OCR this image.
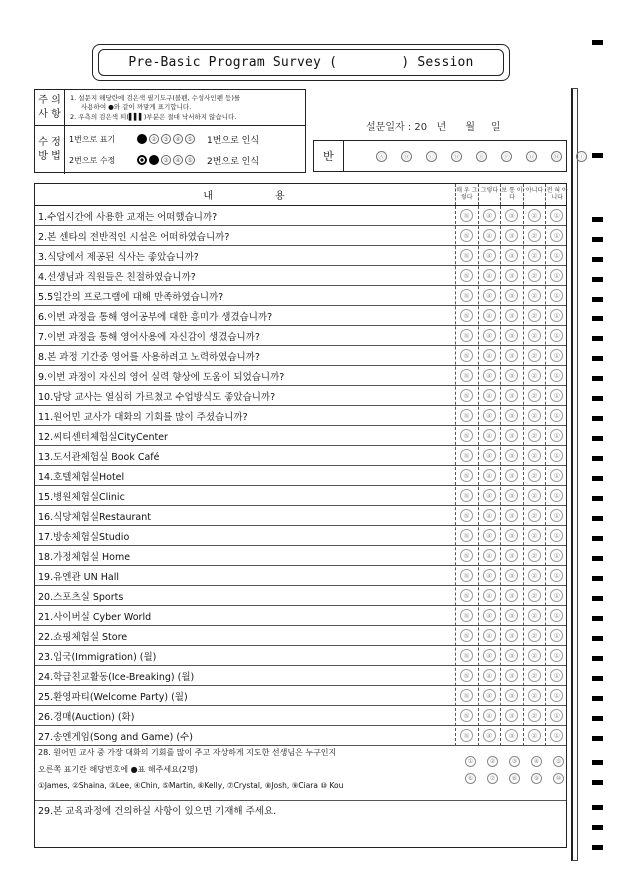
Pre-Basic Program Survey (
	) Session
주 의
사 항
1. 설문지 해당란에 검은색 필기도구(볼펜, 수성사인펜 등)를
사용하여 ●와 같이 까맣게 표기합니다.
2. 우측의 검은색 띠(▌▌▌)부분은 절대 낙서하지 않습니다.
수 정
방 법
1번으로 표기	②	③	④	⑤ 1번으로 인식
2번으로 수정	③	④	⑤ 2번으로 인식
설문일자 : 20   년      월     일
반	Ⓐ	Ⓑ	Ⓒ	Ⓓ	Ⓔ	Ⓕ	Ⓖ	Ⓗ	Ⓘ
내	용
매 우 그렇다
그렇다 보 통 이 다
아니다 전 혀 아니다
1.수업시간에 사용한 교재는 어떠했습니까?	⑤	④	③	②	①
2.본 센타의 전반적인 시설은 어떠하였습니까?	⑤	④	③	②	①
3.식당에서 제공된 식사는 좋았습니까?	⑤	④	③	②	①
4.선생님과 직원들은 친절하였습니까?	⑤	④	③	②	①
5.5일간의 프로그램에 대해 만족하였습니까?	⑤	④	③	②	①
6.이번 과정을 통해 영어공부에 대한 흥미가 생겼습니까?	⑤	④	③	②	①
7.이번 과정을 통해 영어사용에 자신감이 생겼습니까?	⑤	④	③	②	①
8.본 과정 기간중 영어를 사용하려고 노력하였습니까?	⑤	④	③	②	①
9.이번 과정이 자신의 영어 실력 향상에 도움이 되었습니까?	⑤	④	③	②	①
10.담당 교사는 열심히 가르쳤고 수업방식도 좋았습니까?	⑤	④	③	②	①
11.원어민 교사가 대화의 기회를 많이 주셨습니까?	⑤	④	③	②	①
12.씨티센터체험실CityCenter	⑤	④	③	②	①
13.도서관체험실 Book Café	⑤	④	③	②	①
14.호텔체험실Hotel	⑤	④	③	②	①
15.병원체험실Clinic	⑤	④	③	②	①
16.식당체험실Restaurant	⑤	④	③	②	①
17.방송체험실Studio	⑤	④	③	②	①
18.가정체험실 Home	⑤	④	③	②	①
19.유엔관 UN Hall	⑤	④	③	②	①
20.스포츠실 Sports	⑤	④	③	②	①
21.사이버실 Cyber World	⑤	④	③	②	①
22.쇼핑체험실 Store	⑤	④	③	②	①
23.입국(Immigration) (월)	⑤	④	③	②	①
24.학급친교활동(Ice-Breaking) (월)	⑤	④	③	②	①
25.환영파티(Welcome Party) (월)	⑤	④	③	②	①
26.경매(Auction) (화)	⑤	④	③	②	①
27.송엔게임(Song and Game) (수)	⑤	④	③	②	①
28. 원어민 교사 중 가장 대화의 기회를 많이 주고 자상하게 지도한 선생님은 누구인지
오른쪽 표기란 해당번호에 ●표 해주세요(2명)
①James, ②Shaina, ③Lee, ④Chin, ⑤Martin, ⑥Kelly, ⑦Crystal, ⑧Josh, ⑨Ciara ⑩ Kou
①	②	③	④	⑤
⑥	⑦	⑧	⑨	⑩
29.본 교육과정에 건의하실 사항이 있으면 기재해 주세요.
